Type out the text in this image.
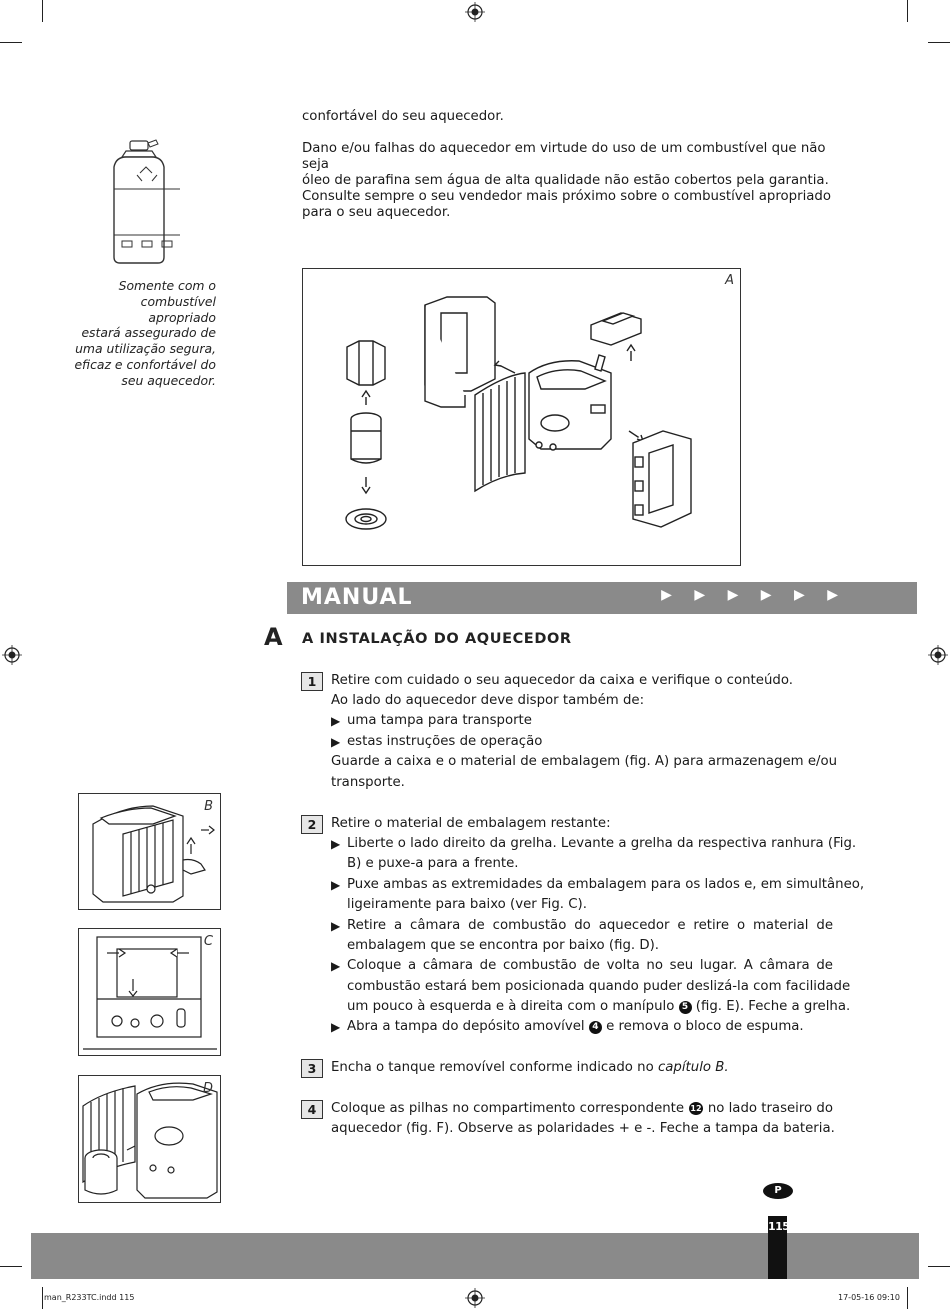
confortável do seu aquecedor.
Dano e/ou falhas do aquecedor em virtude do uso de um combustível que não seja
óleo de parafina sem água de alta qualidade não estão cobertos pela garantia.
Consulte sempre o seu vendedor mais próximo sobre o combustível apropriado
para o seu aquecedor.
Somente com o
combustível apropriado
estará assegurado de
uma utilização segura,
eficaz e confortável do
seu aquecedor.
A
MANUAL	▶ ▶ ▶ ▶ ▶ ▶
A A INSTALAÇÃO DO AQUECEDOR
1	Retire com cuidado o seu aquecedor da caixa e verifique o conteúdo.
Ao lado do aquecedor deve dispor também de:
▶ uma tampa para transporte
▶ estas instruções de operação
Guarde a caixa e o material de embalagem (fig. A) para armazenagem e/ou
transporte.
2	Retire o material de embalagem restante:
▶ Liberte o lado direito da grelha. Levante a grelha da respectiva ranhura (Fig.
B) e puxe-a para a frente.
▶ Puxe ambas as extremidades da embalagem para os lados e, em simultâneo,
ligeiramente para baixo (ver Fig. C).
▶ Retire a câmara de combustão do aquecedor e retire o material de
embalagem que se encontra por baixo (fig. D).
▶ Coloque a câmara de combustão de volta no seu lugar. A câmara de
combustão estará bem posicionada quando puder deslizá-la com facilidade
um pouco à esquerda e à direita com o manípulo 5 (fig. E). Feche a grelha.
▶ Abra a tampa do depósito amovível 4 e remova o bloco de espuma.
3	Encha o tanque removível conforme indicado no capítulo B.
4	Coloque as pilhas no compartimento correspondente 12 no lado traseiro do
aquecedor (fig. F). Observe as polaridades + e -. Feche a tampa da bateria.
B
C
D
P
115
man_R233TC.indd 115	17-05-16 09:10
